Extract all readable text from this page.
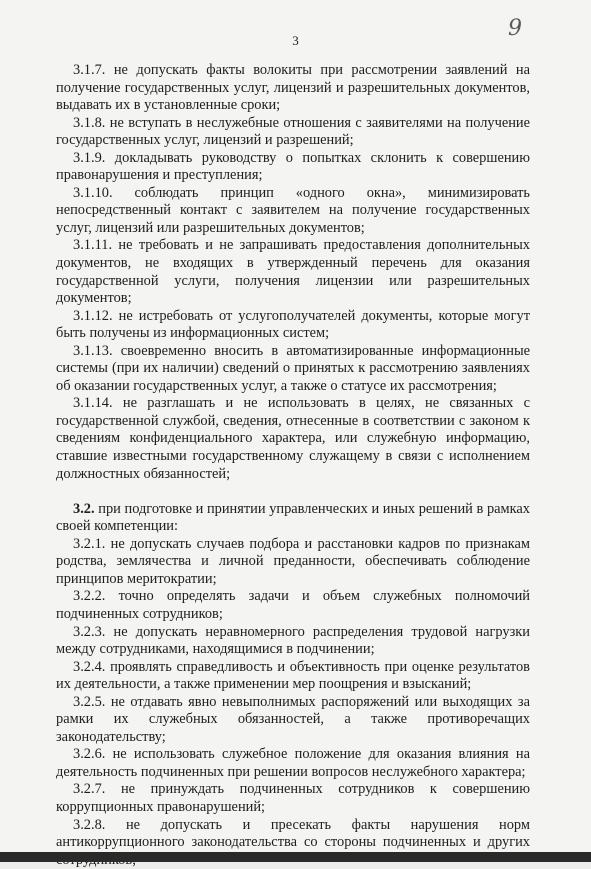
3	9

3.1.7. не допускать факты волокиты при рассмотрении заявлений на получение государственных услуг, лицензий и разрешительных документов, выдавать их в установленные сроки;

3.1.8. не вступать в неслужебные отношения с заявителями на получение государственных услуг, лицензий и разрешений;

3.1.9. докладывать руководству о попытках склонить к совершению правонарушения и преступления;

3.1.10. соблюдать принцип «одного окна», минимизировать непосредственный контакт с заявителем на получение государственных услуг, лицензий или разрешительных документов;

3.1.11. не требовать и не запрашивать предоставления дополнительных документов, не входящих в утвержденный перечень для оказания государственной услуги, получения лицензии или разрешительных документов;

3.1.12. не истребовать от услугополучателей документы, которые могут быть получены из информационных систем;

3.1.13. своевременно вносить в автоматизированные информационные системы (при их наличии) сведений о принятых к рассмотрению заявлениях об оказании государственных услуг, а также о статусе их рассмотрения;

3.1.14. не разглашать и не использовать в целях, не связанных с государственной службой, сведения, отнесенные в соответствии с законом к сведениям конфиденциального характера, или служебную информацию, ставшие известными государственному служащему в связи с исполнением должностных обязанностей;

3.2. при подготовке и принятии управленческих и иных решений в рамках своей компетенции:

3.2.1. не допускать случаев подбора и расстановки кадров по признакам родства, землячества и личной преданности, обеспечивать соблюдение принципов меритократии;

3.2.2. точно определять задачи и объем служебных полномочий подчиненных сотрудников;

3.2.3. не допускать неравномерного распределения трудовой нагрузки между сотрудниками, находящимися в подчинении;

3.2.4. проявлять справедливость и объективность при оценке результатов их деятельности, а также применении мер поощрения и взысканий;

3.2.5. не отдавать явно невыполнимых распоряжений или выходящих за рамки их служебных обязанностей, а также противоречащих законодательству;

3.2.6. не использовать служебное положение для оказания влияния на деятельность подчиненных при решении вопросов неслужебного характера;

3.2.7. не принуждать подчиненных сотрудников к совершению коррупционных правонарушений;

3.2.8. не допускать и пресекать факты нарушения норм антикоррупционного законодательства со стороны подчиненных и других
